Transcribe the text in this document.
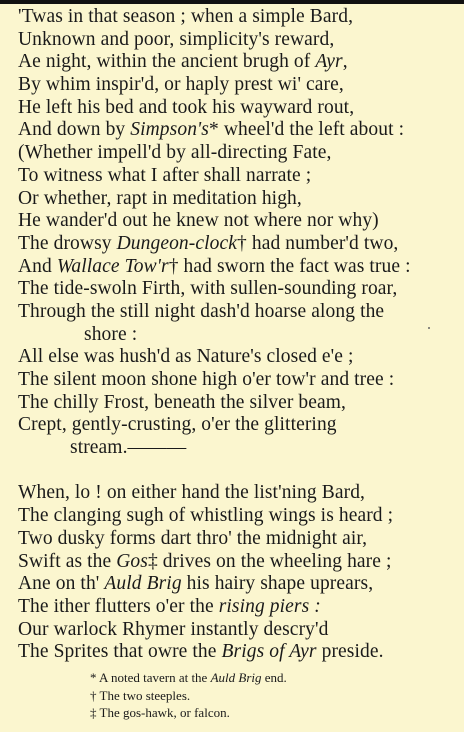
'Twas in that season ; when a simple Bard,
Unknown and poor, simplicity's reward,
Ae night, within the ancient brugh of Ayr,
By whim inspir'd, or haply prest wi' care,
He left his bed and took his wayward rout,
And down by Simpson's* wheel'd the left about :
(Whether impell'd by all-directing Fate,
To witness what I after shall narrate ;
Or whether, rapt in meditation high,
He wander'd out he knew not where nor why)
The drowsy Dungeon-clock† had number'd two,
And Wallace Tow'r† had sworn the fact was true :
The tide-swoln Firth, with sullen-sounding roar,
Through the still night dash'd hoarse along the
shore :
All else was hush'd as Nature's closed e'e ;
The silent moon shone high o'er tow'r and tree :
The chilly Frost, beneath the silver beam,
Crept, gently-crusting, o'er the glittering
stream.———
When, lo ! on either hand the list'ning Bard,
The clanging sugh of whistling wings is heard ;
Two dusky forms dart thro' the midnight air,
Swift as the Gos‡ drives on the wheeling hare ;
Ane on th' Auld Brig his hairy shape uprears,
The ither flutters o'er the rising piers :
Our warlock Rhymer instantly descry'd
The Sprites that owre the Brigs of Ayr preside.
* A noted tavern at the Auld Brig end.
† The two steeples.
‡ The gos-hawk, or falcon.
